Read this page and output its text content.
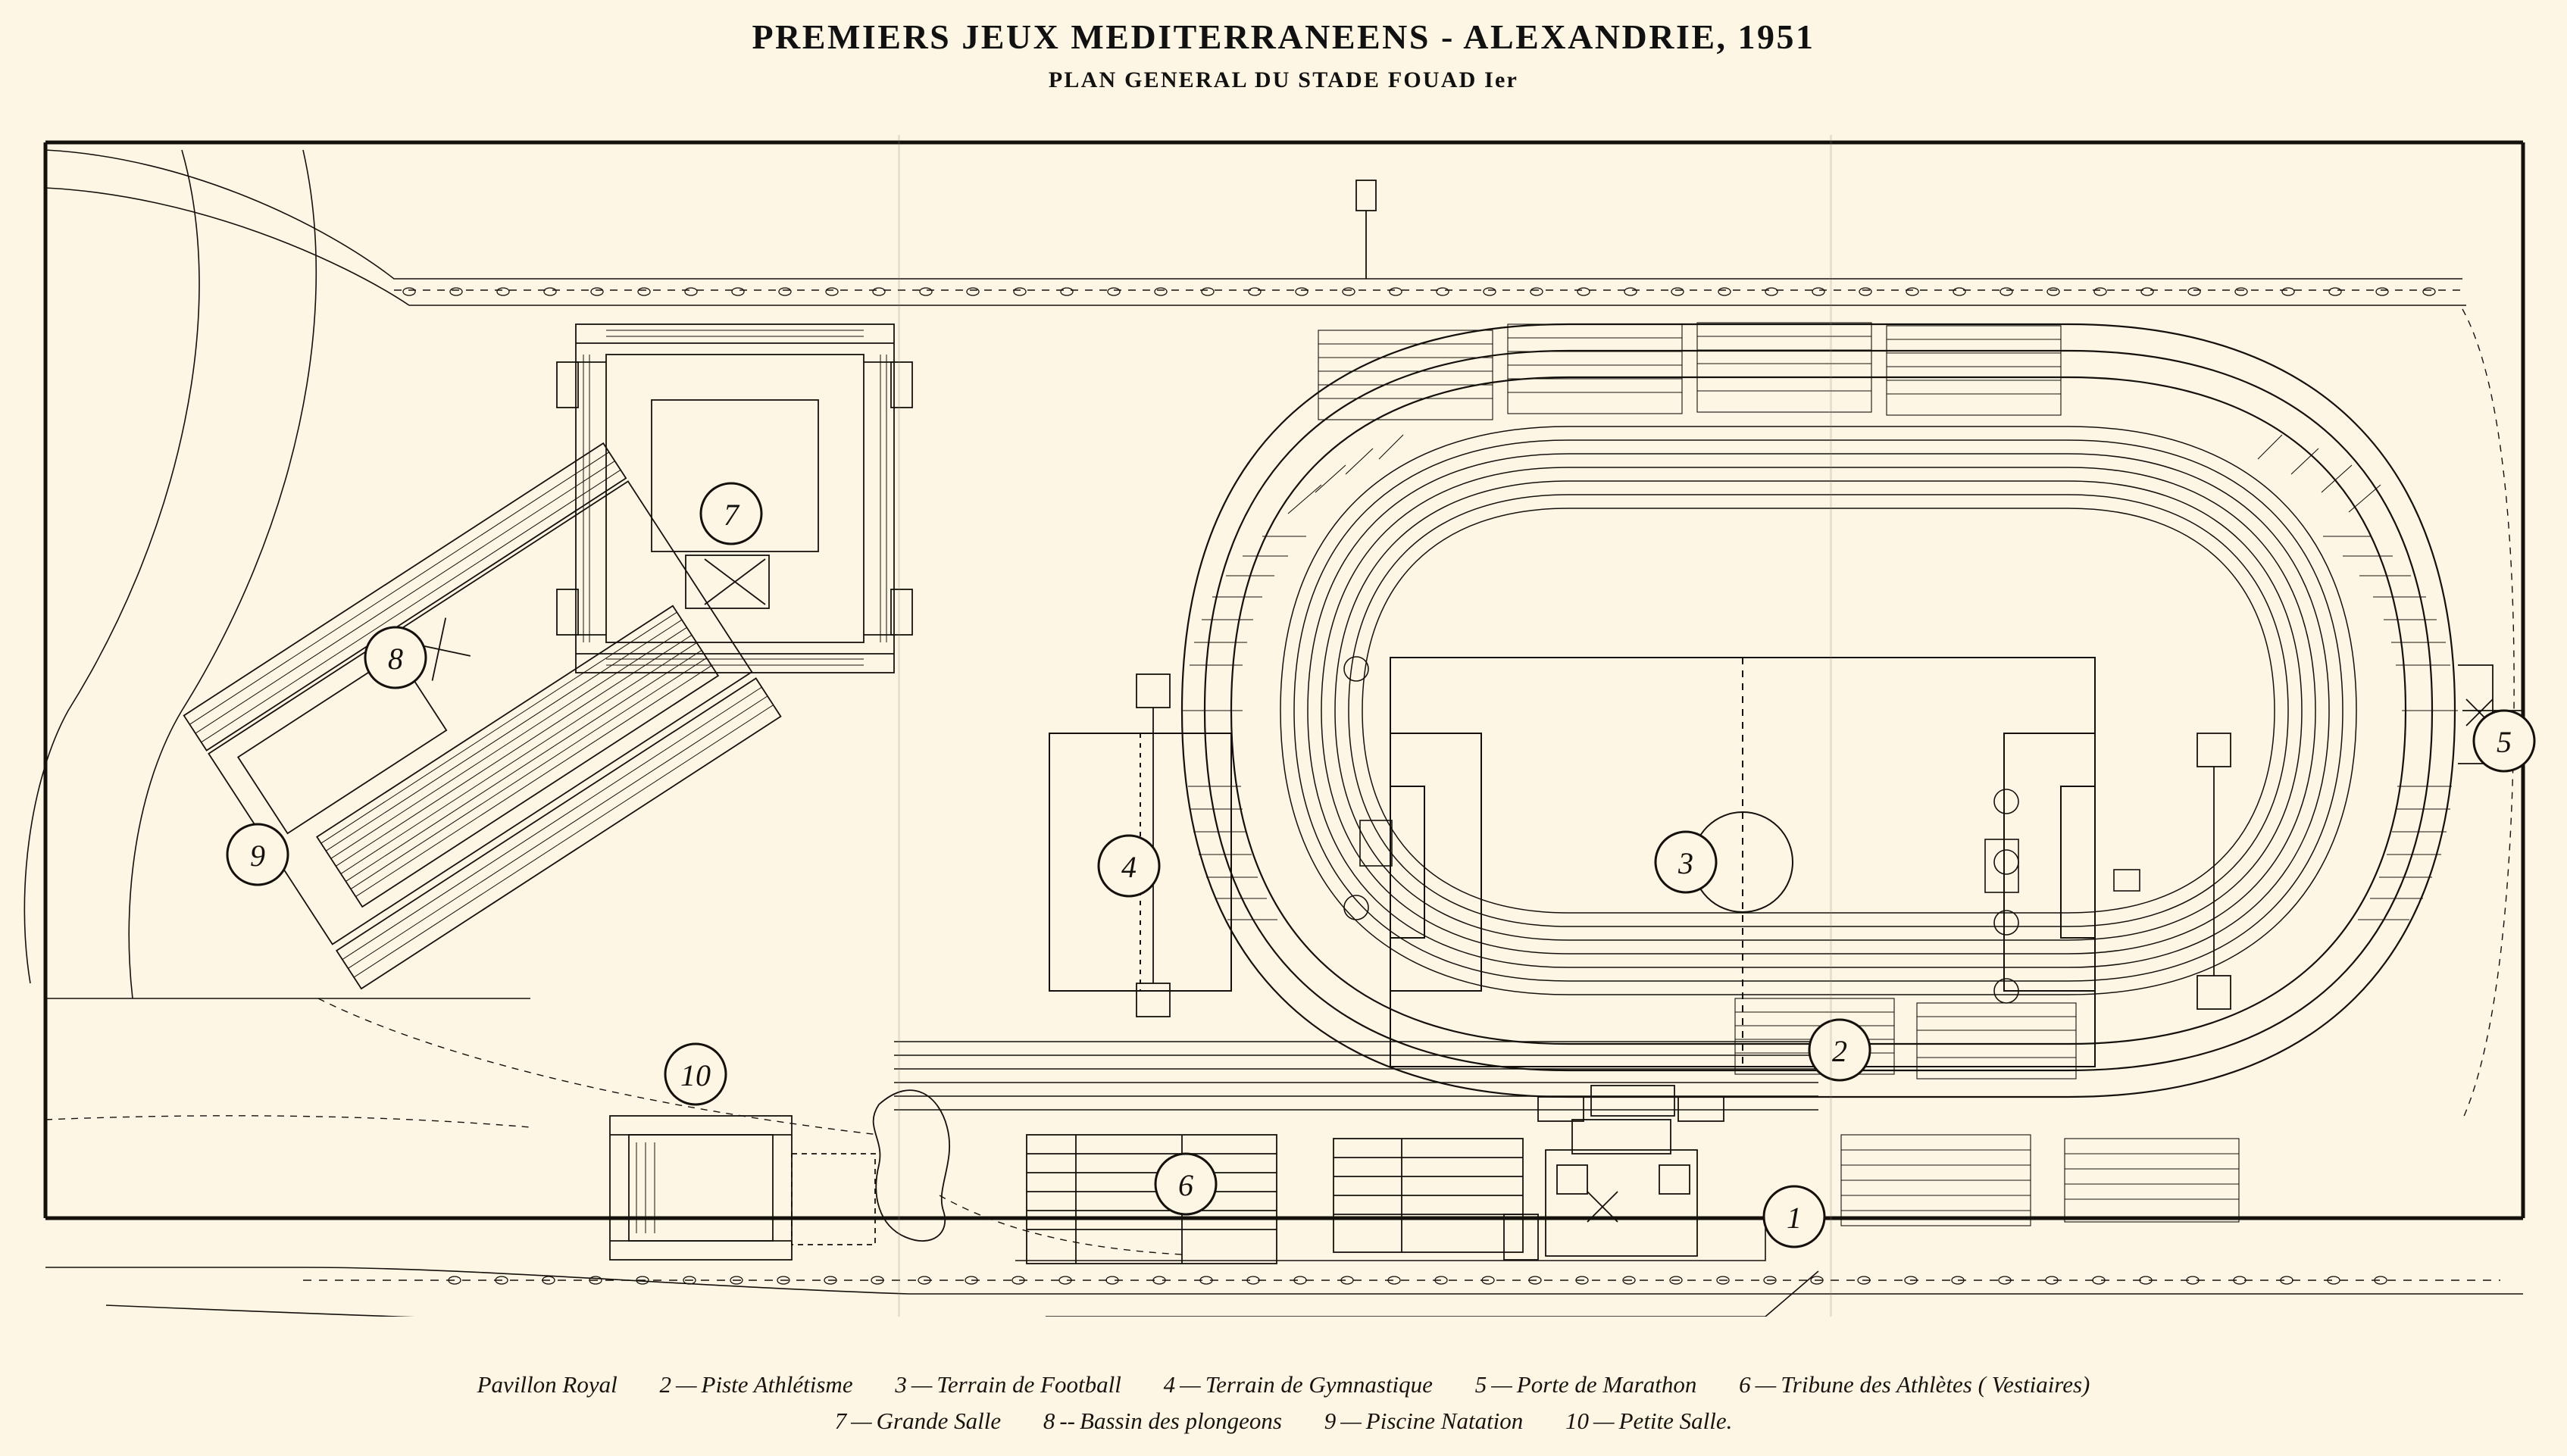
PREMIERS JEUX MEDITERRANEENS - ALEXANDRIE, 1951
PLAN GENERAL DU STADE FOUAD Ier
3
4
2
5
6
1
7
8
9
10
Pavillon Royal 2 — Piste Athlétisme 3 — Terrain de Football 4 — Terrain de Gymnastique 5 — Porte de Marathon 6 — Tribune des Athlètes ( Vestiaires)
7 — Grande Salle 8 -- Bassin des plongeons 9 — Piscine Natation 10 — Petite Salle.
